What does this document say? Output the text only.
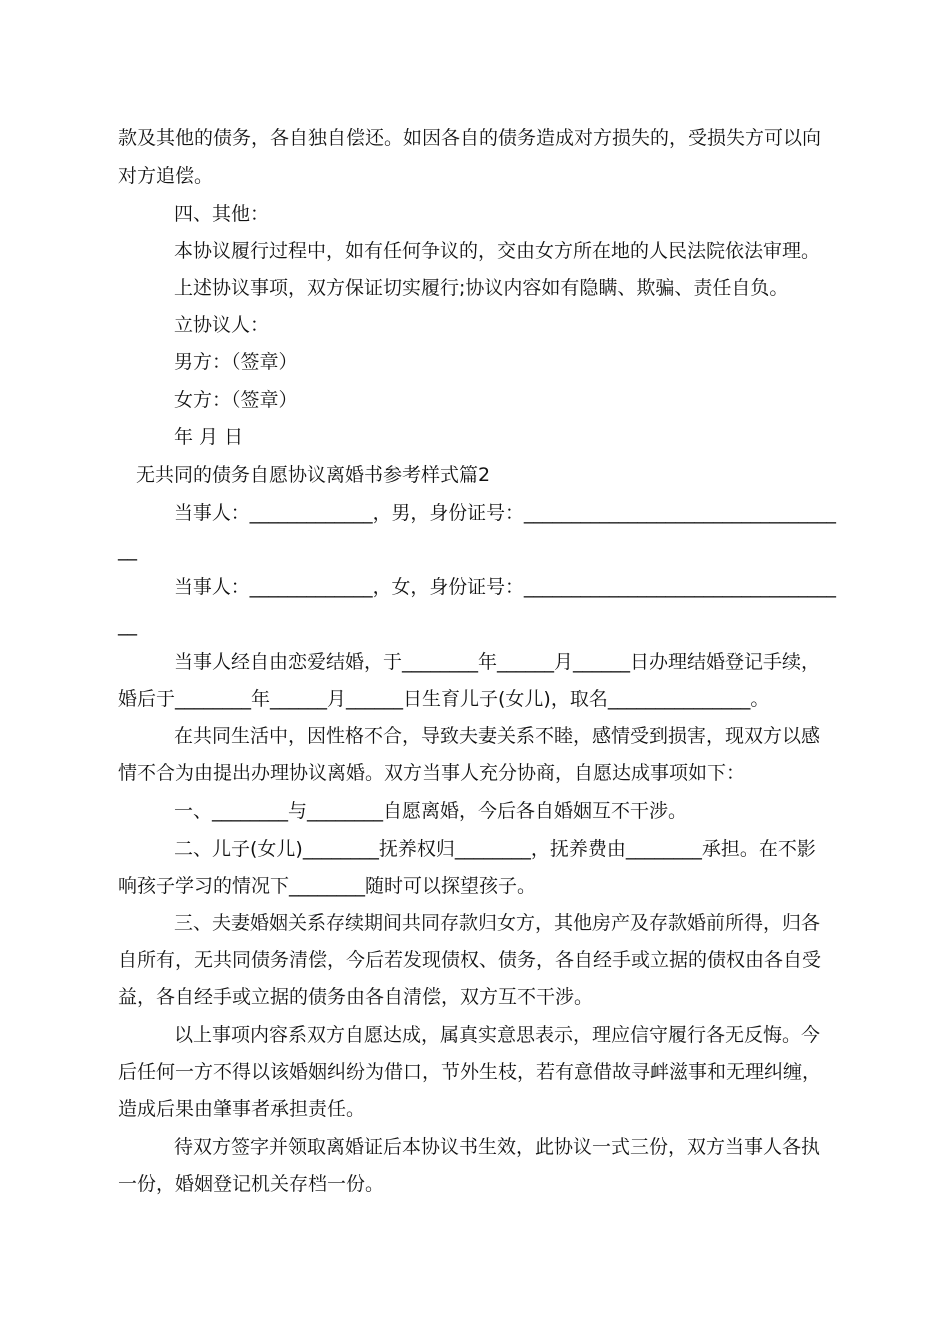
款及其他的债务，各自独自偿还。如因各自的债务造成对方损失的，受损失方可以向

对方追偿。

四、其他：

本协议履行过程中，如有任何争议的，交由女方所在地的人民法院依法审理。

上述协议事项，双方保证切实履行;协议内容如有隐瞒、欺骗、责任自负。

立协议人：

男方：（签章）

女方：（签章）

年 月 日

无共同的债务自愿协议离婚书参考样式篇2

当事人：_____________，男，身份证号：_________________________________

__

当事人：_____________，女，身份证号：_________________________________

__

当事人经自由恋爱结婚，于________年______月______日办理结婚登记手续，

婚后于________年______月______日生育儿子(女儿)，取名_______________。

在共同生活中，因性格不合，导致夫妻关系不睦，感情受到损害，现双方以感

情不合为由提出办理协议离婚。双方当事人充分协商，自愿达成事项如下：

一、________与________自愿离婚，今后各自婚姻互不干涉。

二、儿子(女儿)________抚养权归________，抚养费由________承担。在不影

响孩子学习的情况下________随时可以探望孩子。

三、夫妻婚姻关系存续期间共同存款归女方，其他房产及存款婚前所得，归各

自所有，无共同债务清偿，今后若发现债权、债务，各自经手或立据的债权由各自受

益，各自经手或立据的债务由各自清偿，双方互不干涉。

以上事项内容系双方自愿达成，属真实意思表示，理应信守履行各无反悔。今

后任何一方不得以该婚姻纠纷为借口，节外生枝，若有意借故寻衅滋事和无理纠缠，

造成后果由肇事者承担责任。

待双方签字并领取离婚证后本协议书生效，此协议一式三份，双方当事人各执

一份，婚姻登记机关存档一份。
